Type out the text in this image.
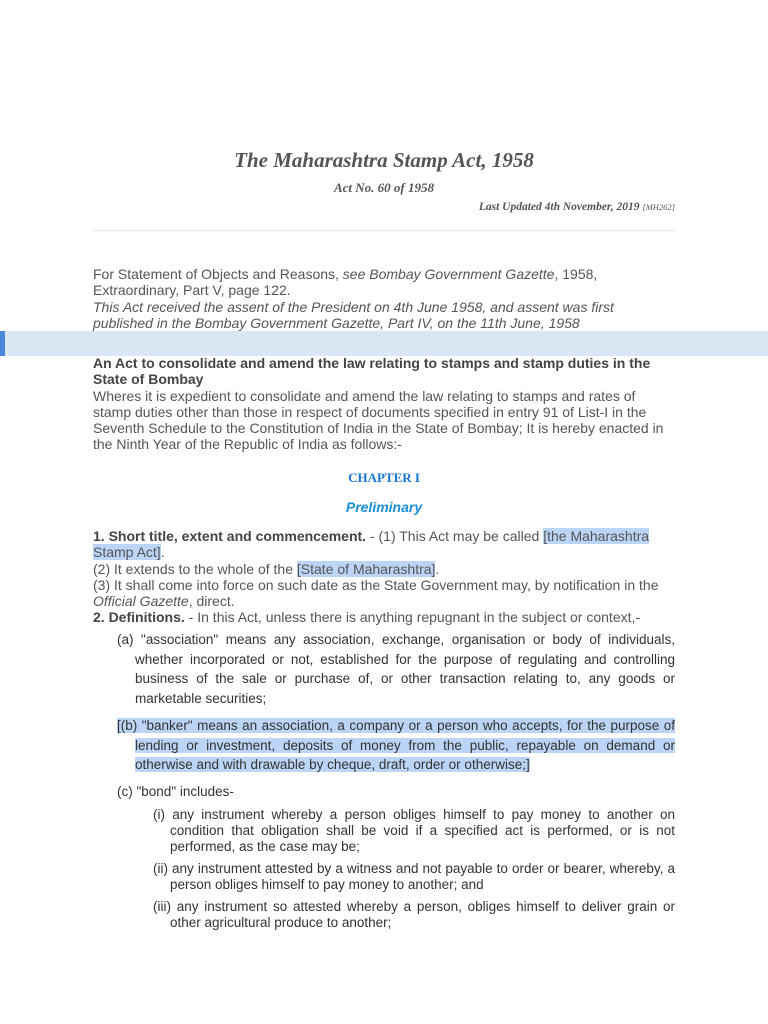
The Maharashtra Stamp Act, 1958
Act No. 60 of 1958
Last Updated 4th November, 2019 [MH262]
For Statement of Objects and Reasons, see Bombay Government Gazette, 1958, Extraordinary, Part V, page 122.
This Act received the assent of the President on 4th June 1958, and assent was first published in the Bombay Government Gazette, Part IV, on the 11th June, 1958
An Act to consolidate and amend the law relating to stamps and stamp duties in the State of Bombay
Wheres it is expedient to consolidate and amend the law relating to stamps and rates of stamp duties other than those in respect of documents specified in entry 91 of List-I in the Seventh Schedule to the Constitution of India in the State of Bombay; It is hereby enacted in the Ninth Year of the Republic of India as follows:-
CHAPTER I
Preliminary
1. Short title, extent and commencement. - (1) This Act may be called [the Maharashtra Stamp Act].
(2) It extends to the whole of the [State of Maharashtra].
(3) It shall come into force on such date as the State Government may, by notification in the Official Gazette, direct.
2. Definitions. - In this Act, unless there is anything repugnant in the subject or context,-
(a) "association" means any association, exchange, organisation or body of individuals, whether incorporated or not, established for the purpose of regulating and controlling business of the sale or purchase of, or other transaction relating to, any goods or marketable securities;
[(b) "banker" means an association, a company or a person who accepts, for the purpose of lending or investment, deposits of money from the public, repayable on demand or otherwise and with drawable by cheque, draft, order or otherwise;]
(c) "bond" includes-
(i) any instrument whereby a person obliges himself to pay money to another on condition that obligation shall be void if a specified act is performed, or is not performed, as the case may be;
(ii) any instrument attested by a witness and not payable to order or bearer, whereby, a person obliges himself to pay money to another; and
(iii) any instrument so attested whereby a person, obliges himself to deliver grain or other agricultural produce to another;
